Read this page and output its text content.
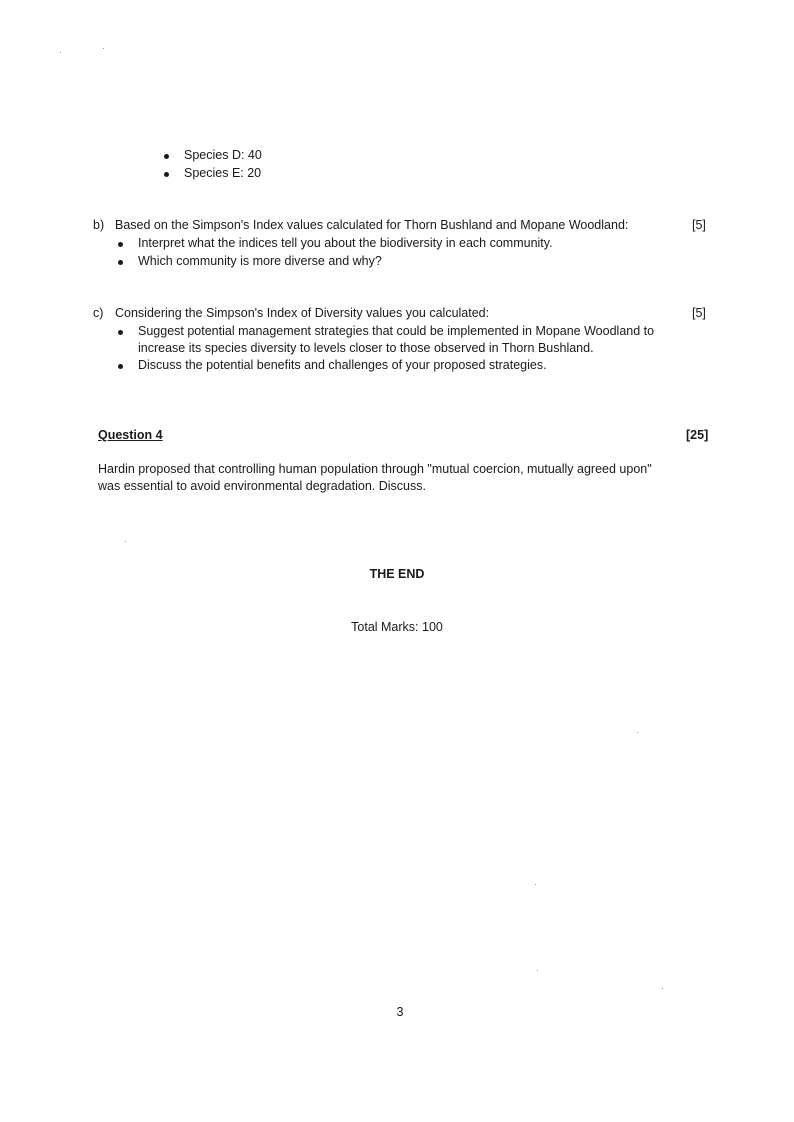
Species D: 40
Species E: 20
b) Based on the Simpson's Index values calculated for Thorn Bushland and Mopane Woodland:	[5]
Interpret what the indices tell you about the biodiversity in each community.
Which community is more diverse and why?
c) Considering the Simpson's Index of Diversity values you calculated:	[5]
Suggest potential management strategies that could be implemented in Mopane Woodland to
increase its species diversity to levels closer to those observed in Thorn Bushland.
Discuss the potential benefits and challenges of your proposed strategies.
Question 4	[25]
Hardin proposed that controlling human population through "mutual coercion, mutually agreed upon"
was essential to avoid environmental degradation. Discuss.
THE END
Total Marks: 100
3
